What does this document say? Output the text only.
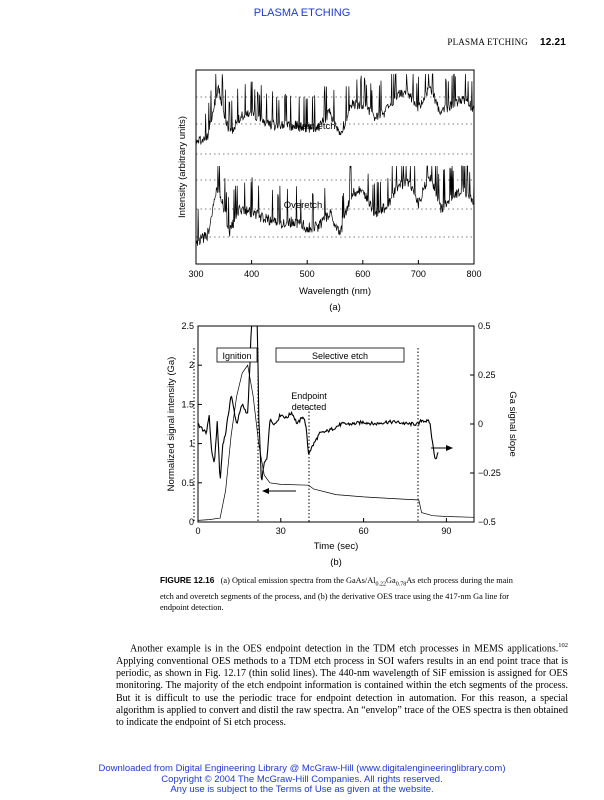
PLASMA ETCHING
PLASMA ETCHING 12.21
300	400	500	600	700	800
Main etch
Overetch
Wavelength (nm)
(a)
Intensity (arbitrary units)
0	30	60	90
0
0.5
1
1.5
2
2.5
−0.5
−0.25
0
0.25
0.5
Ignition	Selective etch
Endpoint detected
Time (sec)
(b)
Normalized signal intensity (Ga)	Ga signal slope
FIGURE 12.16 (a) Optical emission spectra from the GaAs/$Al_{0.22}Ga_{0.78}As$ etch process during the main etch and overetch segments of the process, and (b) the derivative OES trace using the 417-nm Ga line for endpoint detection.
Another example is in the OES endpoint detection in the TDM etch processes in MEMS applications.$^{102}$ Applying conventional OES methods to a TDM etch process in SOI wafers results in an end point trace that is periodic, as shown in Fig. 12.17 (thin solid lines). The 440-nm wavelength of SiF emission is assigned for OES monitoring. The majority of the etch endpoint information is contained within the etch segments of the process. But it is difficult to use the periodic trace for endpoint detection in automation. For this reason, a special algorithm is applied to convert and distil the raw spectra. An “envelop” trace of the OES spectra is then obtained to indicate the endpoint of Si etch process.
Downloaded from Digital Engineering Library @ McGraw-Hill (www.digitalengineeringlibrary.com)
Copyright © 2004 The McGraw-Hill Companies. All rights reserved.
Any use is subject to the Terms of Use as given at the website.
